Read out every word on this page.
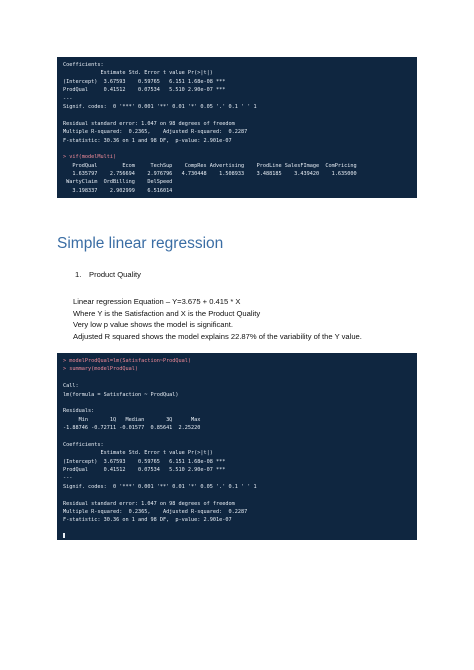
Coefficients:
Estimate Std. Error t value Pr(>|t|)
(Intercept)  3.67593    0.59765   6.151 1.68e-08 ***
ProdQual     0.41512    0.07534   5.510 2.90e-07 ***
---
Signif. codes:  0 '***' 0.001 '**' 0.01 '*' 0.05 '.' 0.1 ' ' 1
Residual standard error: 1.047 on 98 degrees of freedom
Multiple R-squared:  0.2365,    Adjusted R-squared:  0.2287
F-statistic: 30.36 on 1 and 98 DF,  p-value: 2.901e-07
> vif(modelMulti)
ProdQual        Ecom     TechSup    CompRes Advertising    ProdLine SalesFImage  ComPricing
1.635797    2.756694    2.976796   4.730448    1.508933    3.488185    3.439420    1.635000
WartyClaim  OrdBilling    DelSpeed
3.198337    2.902999    6.516014
Simple linear regression
1. Product Quality
Linear regression Equation – Y=3.675 + 0.415 * X
Where Y is the Satisfaction and X is the Product Quality
Very low p value shows the model is significant.
Adjusted R squared shows the model explains 22.87% of the variability of the Y value.
> modelProdQual=lm(Satisfaction~ProdQual)
> summary(modelProdQual)
Call:
lm(formula = Satisfaction ~ ProdQual)
Residuals:
Min       1Q   Median       3Q      Max
-1.88746 -0.72711 -0.01577  0.85641  2.25220
Coefficients:
Estimate Std. Error t value Pr(>|t|)
(Intercept)  3.67593    0.59765   6.151 1.68e-08 ***
ProdQual     0.41512    0.07534   5.510 2.90e-07 ***
---
Signif. codes:  0 '***' 0.001 '**' 0.01 '*' 0.05 '.' 0.1 ' ' 1
Residual standard error: 1.047 on 98 degrees of freedom
Multiple R-squared:  0.2365,    Adjusted R-squared:  0.2287
F-statistic: 30.36 on 1 and 98 DF,  p-value: 2.901e-07
